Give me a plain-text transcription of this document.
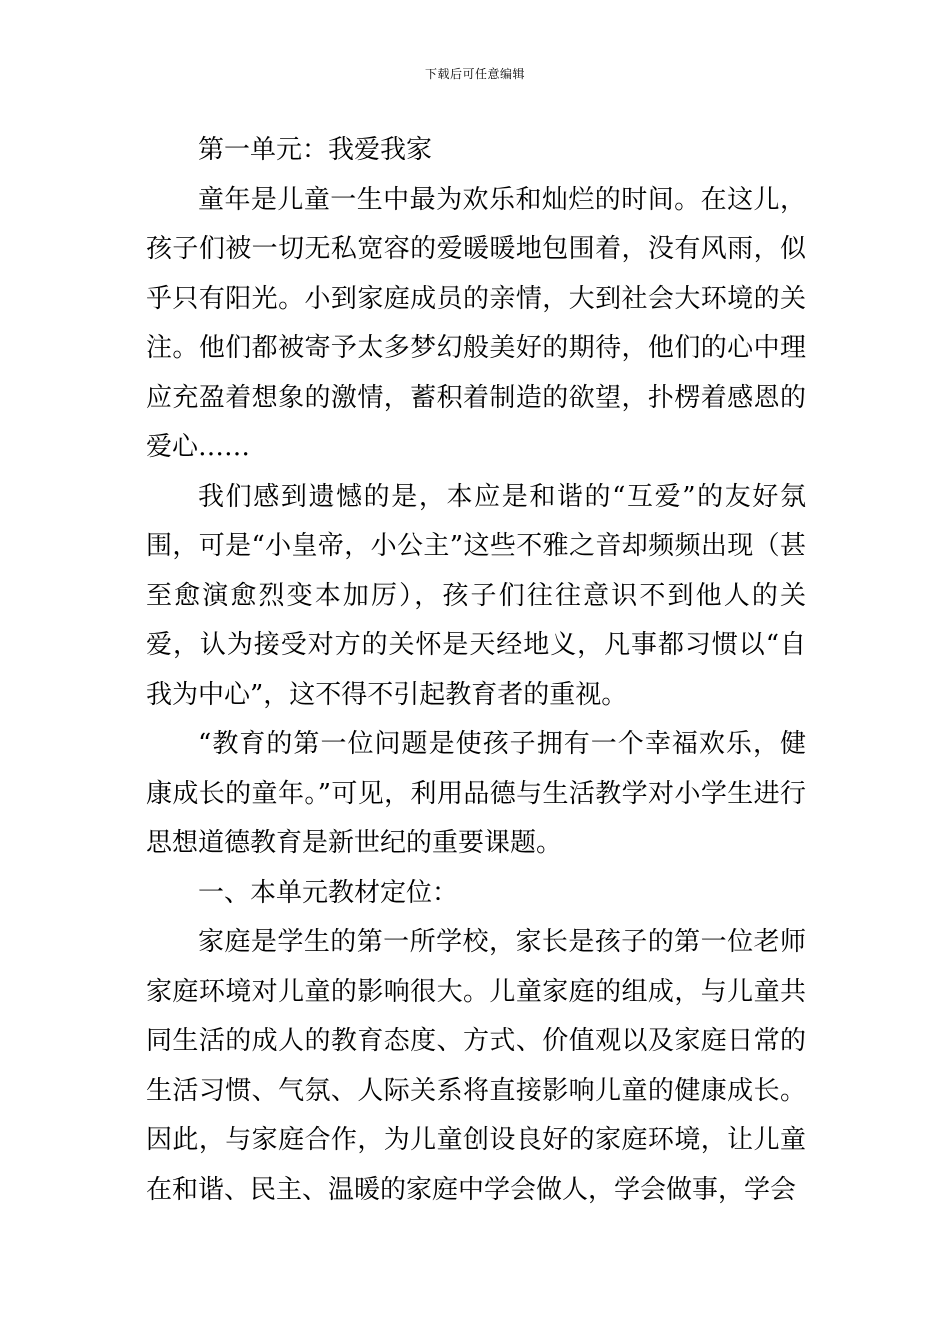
下载后可任意编辑

第一单元：我爱我家

童年是儿童一生中最为欢乐和灿烂的时间。在这儿，孩子们被一切无私宽容的爱暖暖地包围着，没有风雨，似乎只有阳光。小到家庭成员的亲情，大到社会大环境的关注。他们都被寄予太多梦幻般美好的期待，他们的心中理应充盈着想象的激情，蓄积着制造的欲望，扑楞着感恩的爱心……

我们感到遗憾的是，本应是和谐的“互爱”的友好氛围，可是“小皇帝，小公主”这些不雅之音却频频出现（甚至愈演愈烈变本加厉），孩子们往往意识不到他人的关爱，认为接受对方的关怀是天经地义，凡事都习惯以“自我为中心”，这不得不引起教育者的重视。

“教育的第一位问题是使孩子拥有一个幸福欢乐，健康成长的童年。”可见，利用品德与生活教学对小学生进行思想道德教育是新世纪的重要课题。

一、本单元教材定位：

家庭是学生的第一所学校，家长是孩子的第一位老师家庭环境对儿童的影响很大。儿童家庭的组成，与儿童共同生活的成人的教育态度、方式、价值观以及家庭日常的生活习惯、气氛、人际关系将直接影响儿童的健康成长。因此，与家庭合作，为儿童创设良好的家庭环境，让儿童在和谐、民主、温暖的家庭中学会做人，学会做事，学会
